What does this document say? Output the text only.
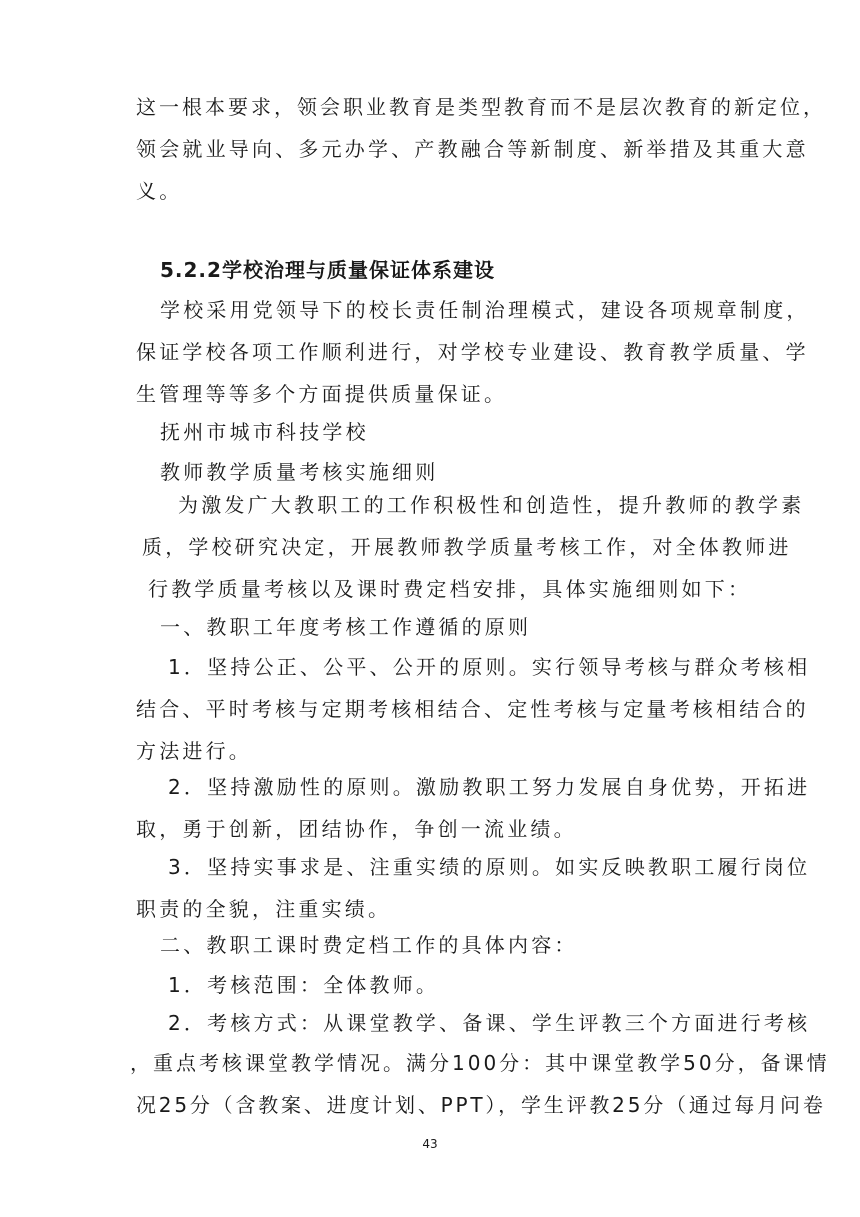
这一根本要求，领会职业教育是类型教育而不是层次教育的新定位，
领会就业导向、多元办学、产教融合等新制度、新举措及其重大意
义。
5.2.2学校治理与质量保证体系建设
学校采用党领导下的校长责任制治理模式，建设各项规章制度，
保证学校各项工作顺利进行，对学校专业建设、教育教学质量、学
生管理等等多个方面提供质量保证。
抚州市城市科技学校
教师教学质量考核实施细则
为激发广大教职工的工作积极性和创造性，提升教师的教学素
质，学校研究决定，开展教师教学质量考核工作，对全体教师进
行教学质量考核以及课时费定档安排，具体实施细则如下：
一、教职工年度考核工作遵循的原则
1．坚持公正、公平、公开的原则。实行领导考核与群众考核相
结合、平时考核与定期考核相结合、定性考核与定量考核相结合的
方法进行。
2．坚持激励性的原则。激励教职工努力发展自身优势，开拓进
取，勇于创新，团结协作，争创一流业绩。
3．坚持实事求是、注重实绩的原则。如实反映教职工履行岗位
职责的全貌，注重实绩。
二、教职工课时费定档工作的具体内容：
1．考核范围：全体教师。
2．考核方式：从课堂教学、备课、学生评教三个方面进行考核
，重点考核课堂教学情况。满分100分：其中课堂教学50分，备课情
况25分（含教案、进度计划、PPT），学生评教25分（通过每月问卷
43
